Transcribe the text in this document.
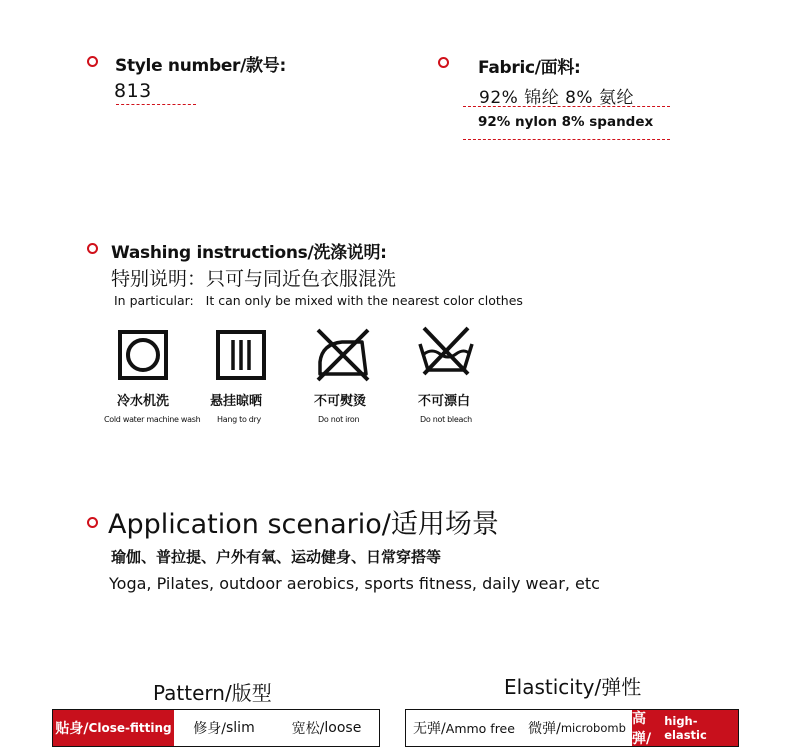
Style number/款号:
813
Fabric/面料:
92% 锦纶 8% 氨纶
92% nylon 8% spandex
Washing instructions/洗涤说明:
特别说明：只可与同近色衣服混洗
In particular:   It can only be mixed with the nearest color clothes
冷水机洗
Cold water machine wash
悬挂晾晒
Hang to dry
不可熨烫
Do not iron
不可漂白
Do not bleach
Application scenario/适用场景
瑜伽、普拉提、户外有氧、运动健身、日常穿搭等
Yoga, Pilates, outdoor aerobics, sports fitness, daily wear, etc
Pattern/版型
贴身/ Close-fitting 修身/ slim	宽松/ loose
Elasticity/弹性
无弹/ Ammo free 微弹/ microbomb
高弹/
high-elastic
